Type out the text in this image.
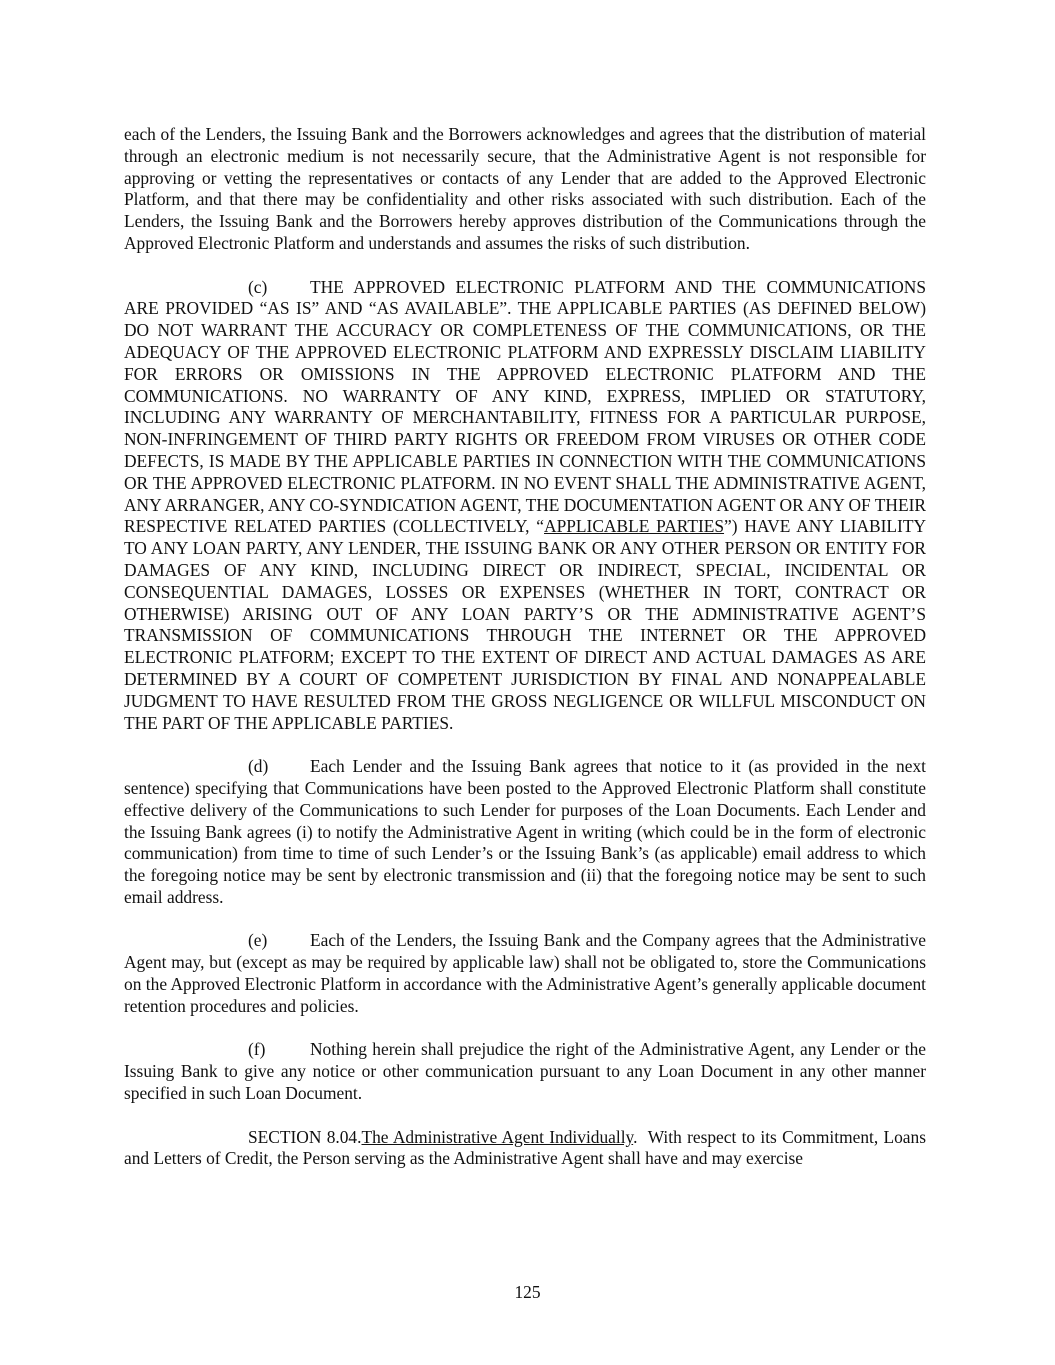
each of the Lenders, the Issuing Bank and the Borrowers acknowledges and agrees that the distribution of material through an electronic medium is not necessarily secure, that the Administrative Agent is not responsible for approving or vetting the representatives or contacts of any Lender that are added to the Approved Electronic Platform, and that there may be confidentiality and other risks associated with such distribution. Each of the Lenders, the Issuing Bank and the Borrowers hereby approves distribution of the Communications through the Approved Electronic Platform and understands and assumes the risks of such distribution.

(c) THE APPROVED ELECTRONIC PLATFORM AND THE COMMUNICATIONS ARE PROVIDED “AS IS” AND “AS AVAILABLE”. THE APPLICABLE PARTIES (AS DEFINED BELOW) DO NOT WARRANT THE ACCURACY OR COMPLETENESS OF THE COMMUNICATIONS, OR THE ADEQUACY OF THE APPROVED ELECTRONIC PLATFORM AND EXPRESSLY DISCLAIM LIABILITY FOR ERRORS OR OMISSIONS IN THE APPROVED ELECTRONIC PLATFORM AND THE COMMUNICATIONS. NO WARRANTY OF ANY KIND, EXPRESS, IMPLIED OR STATUTORY, INCLUDING ANY WARRANTY OF MERCHANTABILITY, FITNESS FOR A PARTICULAR PURPOSE, NON-INFRINGEMENT OF THIRD PARTY RIGHTS OR FREEDOM FROM VIRUSES OR OTHER CODE DEFECTS, IS MADE BY THE APPLICABLE PARTIES IN CONNECTION WITH THE COMMUNICATIONS OR THE APPROVED ELECTRONIC PLATFORM. IN NO EVENT SHALL THE ADMINISTRATIVE AGENT, ANY ARRANGER, ANY CO-SYNDICATION AGENT, THE DOCUMENTATION AGENT OR ANY OF THEIR RESPECTIVE RELATED PARTIES (COLLECTIVELY, “APPLICABLE PARTIES”) HAVE ANY LIABILITY TO ANY LOAN PARTY, ANY LENDER, THE ISSUING BANK OR ANY OTHER PERSON OR ENTITY FOR DAMAGES OF ANY KIND, INCLUDING DIRECT OR INDIRECT, SPECIAL, INCIDENTAL OR CONSEQUENTIAL DAMAGES, LOSSES OR EXPENSES (WHETHER IN TORT, CONTRACT OR OTHERWISE) ARISING OUT OF ANY LOAN PARTY’S OR THE ADMINISTRATIVE AGENT’S TRANSMISSION OF COMMUNICATIONS THROUGH THE INTERNET OR THE APPROVED ELECTRONIC PLATFORM; EXCEPT TO THE EXTENT OF DIRECT AND ACTUAL DAMAGES AS ARE DETERMINED BY A COURT OF COMPETENT JURISDICTION BY FINAL AND NONAPPEALABLE JUDGMENT TO HAVE RESULTED FROM THE GROSS NEGLIGENCE OR WILLFUL MISCONDUCT ON THE PART OF THE APPLICABLE PARTIES.

(d) Each Lender and the Issuing Bank agrees that notice to it (as provided in the next sentence) specifying that Communications have been posted to the Approved Electronic Platform shall constitute effective delivery of the Communications to such Lender for purposes of the Loan Documents. Each Lender and the Issuing Bank agrees (i) to notify the Administrative Agent in writing (which could be in the form of electronic communication) from time to time of such Lender’s or the Issuing Bank’s (as applicable) email address to which the foregoing notice may be sent by electronic transmission and (ii) that the foregoing notice may be sent to such email address.

(e) Each of the Lenders, the Issuing Bank and the Company agrees that the Administrative Agent may, but (except as may be required by applicable law) shall not be obligated to, store the Communications on the Approved Electronic Platform in accordance with the Administrative Agent’s generally applicable document retention procedures and policies.

(f)	Nothing herein shall prejudice the right of the Administrative Agent, any Lender or the Issuing Bank to give any notice or other communication pursuant to any Loan Document in any other manner specified in such Loan Document.

SECTION 8.04.The Administrative Agent Individually. With respect to its Commitment, Loans and Letters of Credit, the Person serving as the Administrative Agent shall have and may exercise

125
